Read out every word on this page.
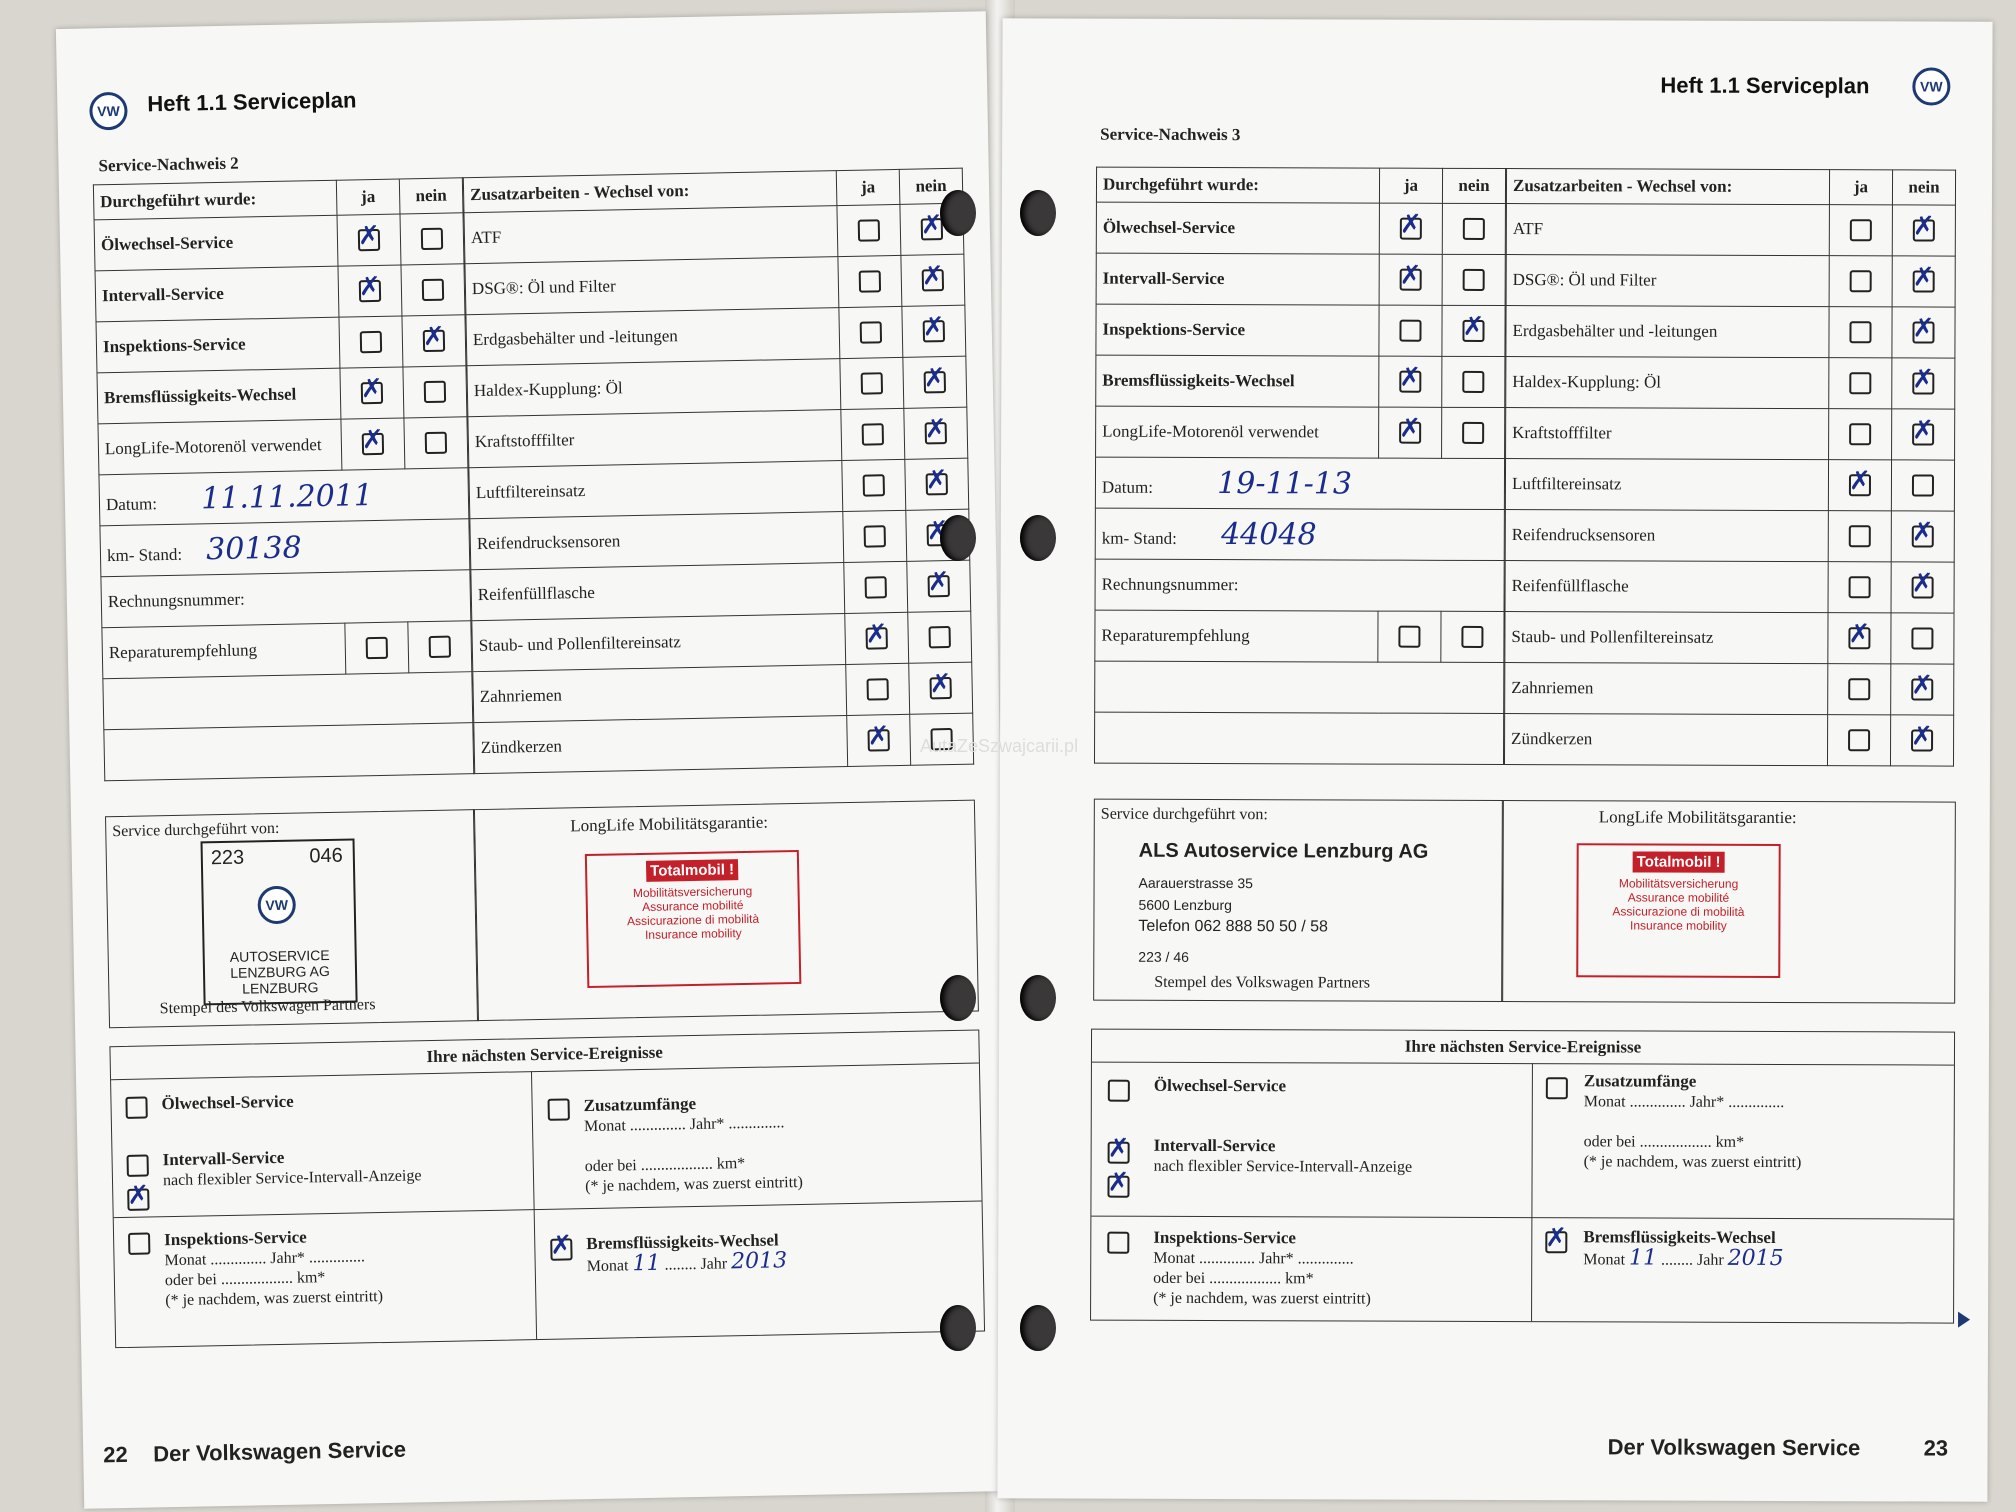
VW	Heft 1.1 Serviceplan
Service-Nachweis 2
Durchgeführt wurde:	ja	nein
Ölwechsel-Service	✗	
Intervall-Service	✗	
Inspektions-Service		✗
Bremsflüssigkeits-Wechsel	✗	
LongLife-Motorenöl verwendet	✗	
Datum: 11.11.2011		
km- Stand: 30138		
Rechnungsnummer:		
Reparaturempfehlung		

Zusatzarbeiten - Wechsel von:	ja	nein
ATF		✗
DSG®: Öl und Filter		✗
Erdgasbehälter und -leitungen		✗
Haldex-Kupplung: Öl		✗
Kraftstofffilter		✗
Luftfiltereinsatz		✗
Reifendrucksensoren		✗
Reifenfüllflasche		✗
Staub- und Pollenfiltereinsatz	✗	
Zahnriemen		✗
Zündkerzen	✗	
Service durchgeführt von:
223	046
VW
AUTOSERVICE
LENZBURG AG
LENZBURG
Stempel des Volkswagen Partners
LongLife Mobilitätsgarantie:
Totalmobil !
Mobilitätsversicherung
Assurance mobilité
Assicurazione di mobilità
Insurance mobility
Ihre nächsten Service-Ereignisse
Ölwechsel-Service
✗
Intervall-Service
nach flexibler Service-Intervall-Anzeige
Inspektions-Service
Monat .............. Jahr* ..............
oder bei .................. km*
(* je nachdem, was zuerst eintritt)
Zusatzumfänge
Monat .............. Jahr* ..............

oder bei .................. km*
(* je nachdem, was zuerst eintritt)
✗
Bremsflüssigkeits-Wechsel
Monat 11 ........ Jahr 2013
22 Der Volkswagen Service
Heft 1.1 Serviceplan	VW
Service-Nachweis 3
Durchgeführt wurde:	ja	nein
Ölwechsel-Service	✗	
Intervall-Service	✗	
Inspektions-Service		✗
Bremsflüssigkeits-Wechsel	✗	
LongLife-Motorenöl verwendet	✗	
Datum: 19-11-13		
km- Stand: 44048		
Rechnungsnummer:		
Reparaturempfehlung		

Zusatzarbeiten - Wechsel von:	ja	nein
ATF		✗
DSG®: Öl und Filter		✗
Erdgasbehälter und -leitungen		✗
Haldex-Kupplung: Öl		✗
Kraftstofffilter		✗
Luftfiltereinsatz	✗	
Reifendrucksensoren		✗
Reifenfüllflasche		✗
Staub- und Pollenfiltereinsatz	✗	
Zahnriemen		✗
Zündkerzen		✗
Service durchgeführt von:
ALS Autoservice Lenzburg AG
Aarauerstrasse 35
5600 Lenzburg
Telefon 062 888 50 50 / 58
223 / 46
Stempel des Volkswagen Partners
LongLife Mobilitätsgarantie:
Totalmobil !
Mobilitätsversicherung
Assurance mobilité
Assicurazione di mobilità
Insurance mobility
Ihre nächsten Service-Ereignisse
Ölwechsel-Service
✗
✗
Intervall-Service
nach flexibler Service-Intervall-Anzeige
Inspektions-Service
Monat .............. Jahr* ..............
oder bei .................. km*
(* je nachdem, was zuerst eintritt)
Zusatzumfänge
Monat .............. Jahr* ..............

oder bei .................. km*
(* je nachdem, was zuerst eintritt)
✗
Bremsflüssigkeits-Wechsel
Monat 11 ........ Jahr 2015
Der Volkswagen Service	23
AutaZeSzwajcarii.pl
